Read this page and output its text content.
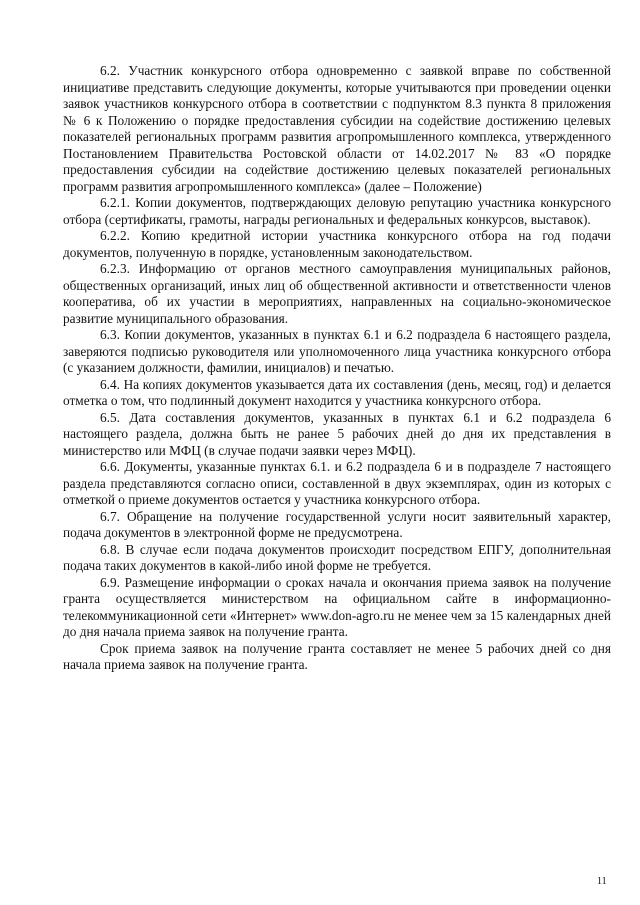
6.2. Участник конкурсного отбора одновременно с заявкой вправе по собственной инициативе представить следующие документы, которые учитываются при проведении оценки заявок участников конкурсного отбора в соответствии с подпунктом 8.3 пункта 8 приложения № 6 к Положению о порядке предоставления субсидии на содействие достижению целевых показателей региональных программ развития агропромышленного комплекса, утвержденного Постановлением Правительства Ростовской области от 14.02.2017 № 83 «О порядке предоставления субсидии на содействие достижению целевых показателей региональных программ развития агропромышленного комплекса» (далее – Положение)

6.2.1. Копии документов, подтверждающих деловую репутацию участника конкурсного отбора (сертификаты, грамоты, награды региональных и федеральных конкурсов, выставок).

6.2.2. Копию кредитной истории участника конкурсного отбора на год подачи документов, полученную в порядке, установленным законодательством.

6.2.3. Информацию от органов местного самоуправления муниципальных районов, общественных организаций, иных лиц об общественной активности и ответственности членов кооператива, об их участии в мероприятиях, направленных на социально-экономическое развитие муниципального образования.

6.3. Копии документов, указанных в пунктах 6.1 и 6.2 подраздела 6 настоящего раздела, заверяются подписью руководителя или уполномоченного лица участника конкурсного отбора (с указанием должности, фамилии, инициалов) и печатью.

6.4. На копиях документов указывается дата их составления (день, месяц, год) и делается отметка о том, что подлинный документ находится у участника конкурсного отбора.

6.5. Дата составления документов, указанных в пунктах 6.1 и 6.2 подраздела 6 настоящего раздела, должна быть не ранее 5 рабочих дней до дня их представления в министерство или МФЦ (в случае подачи заявки через МФЦ).

6.6. Документы, указанные пунктах 6.1. и 6.2 подраздела 6 и в подразделе 7 настоящего раздела представляются согласно описи, составленной в двух экземплярах, один из которых с отметкой о приеме документов остается у участника конкурсного отбора.

6.7. Обращение на получение государственной услуги носит заявительный характер, подача документов в электронной форме не предусмотрена.

6.8. В случае если подача документов происходит посредством ЕПГУ, дополнительная подача таких документов в какой-либо иной форме не требуется.

6.9. Размещение информации о сроках начала и окончания приема заявок на получение гранта осуществляется министерством на официальном сайте в информационно-телекоммуникационной сети «Интернет» www.don-agro.ru не менее чем за 15 календарных дней до дня начала приема заявок на получение гранта.

Срок приема заявок на получение гранта составляет не менее 5 рабочих дней со дня начала приема заявок на получение гранта.

11
